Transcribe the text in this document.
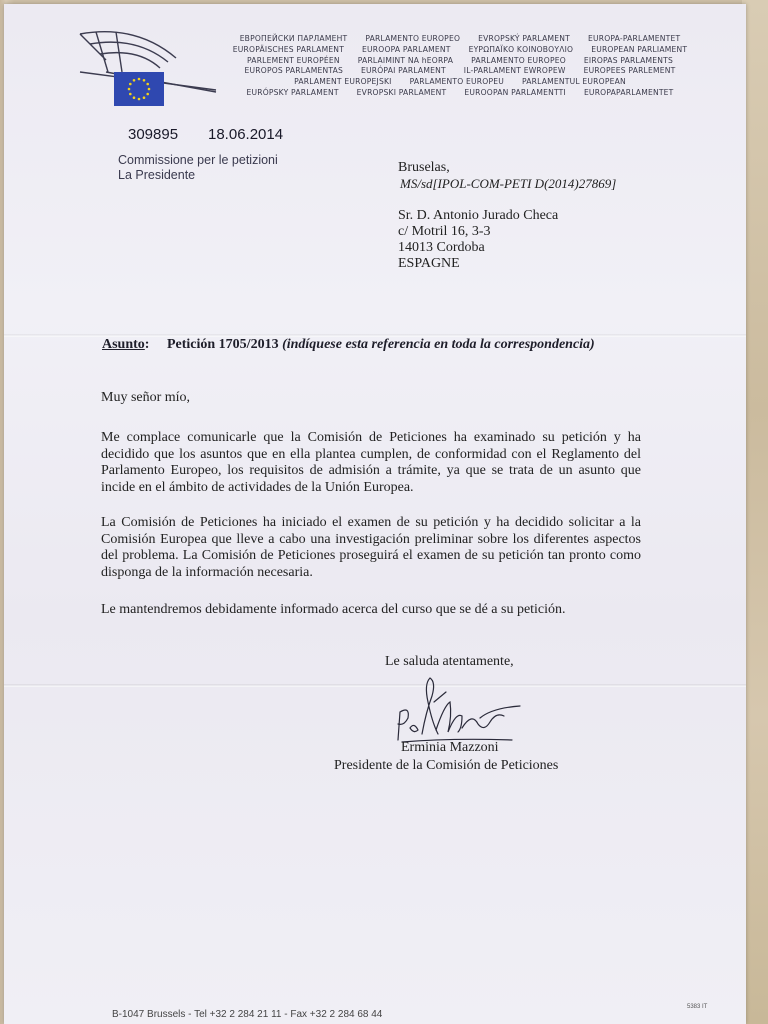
ЕВРОПЕЙСКИ ПАРЛАМЕНТ PARLAMENTO EUROPEO EVROPSKÝ PARLAMENT EUROPA-PARLAMENTET
EUROPÄISCHES PARLAMENT EUROOPA PARLAMENT ΕΥΡΩΠΑΪΚΟ ΚΟΙΝΟΒΟΥΛΙΟ EUROPEAN PARLIAMENT
PARLEMENT EUROPÉEN PARLAIMINT NA hEORPA PARLAMENTO EUROPEO EIROPAS PARLAMENTS
EUROPOS PARLAMENTAS EURÓPAI PARLAMENT IL-PARLAMENT EWROPEW EUROPEES PARLEMENT
PARLAMENT EUROPEJSKI PARLAMENTO EUROPEU PARLAMENTUL EUROPEAN
EURÓPSKY PARLAMENT EVROPSKI PARLAMENT EUROOPAN PARLAMENTTI EUROPAPARLAMENTET
309895 18.06.2014
Commissione per le petizioni
La Presidente	Bruselas,
MS/sd[IPOL-COM-PETI D(2014)27869]
Sr. D. Antonio Jurado Checa
c/ Motril 16, 3-3
14013 Cordoba
ESPAGNE
Asunto: Petición 1705/2013 (indíquese esta referencia en toda la correspondencia)
Muy señor mío,
Me complace comunicarle que la Comisión de Peticiones ha examinado su petición y ha decidido que los asuntos que en ella plantea cumplen, de conformidad con el Reglamento del Parlamento Europeo, los requisitos de admisión a trámite, ya que se trata de un asunto que incide en el ámbito de actividades de la Unión Europea.
La Comisión de Peticiones ha iniciado el examen de su petición y ha decidido solicitar a la Comisión Europea que lleve a cabo una investigación preliminar sobre los diferentes aspectos del problema. La Comisión de Peticiones proseguirá el examen de su petición tan pronto como disponga de la información necesaria.
Le mantendremos debidamente informado acerca del curso que se dé a su petición.
Le saluda atentamente,
Erminia Mazzoni
Presidente de la Comisión de Peticiones
B-1047 Brussels - Tel +32 2 284 21 11 - Fax +32 2 284 68 44
5383 IT
